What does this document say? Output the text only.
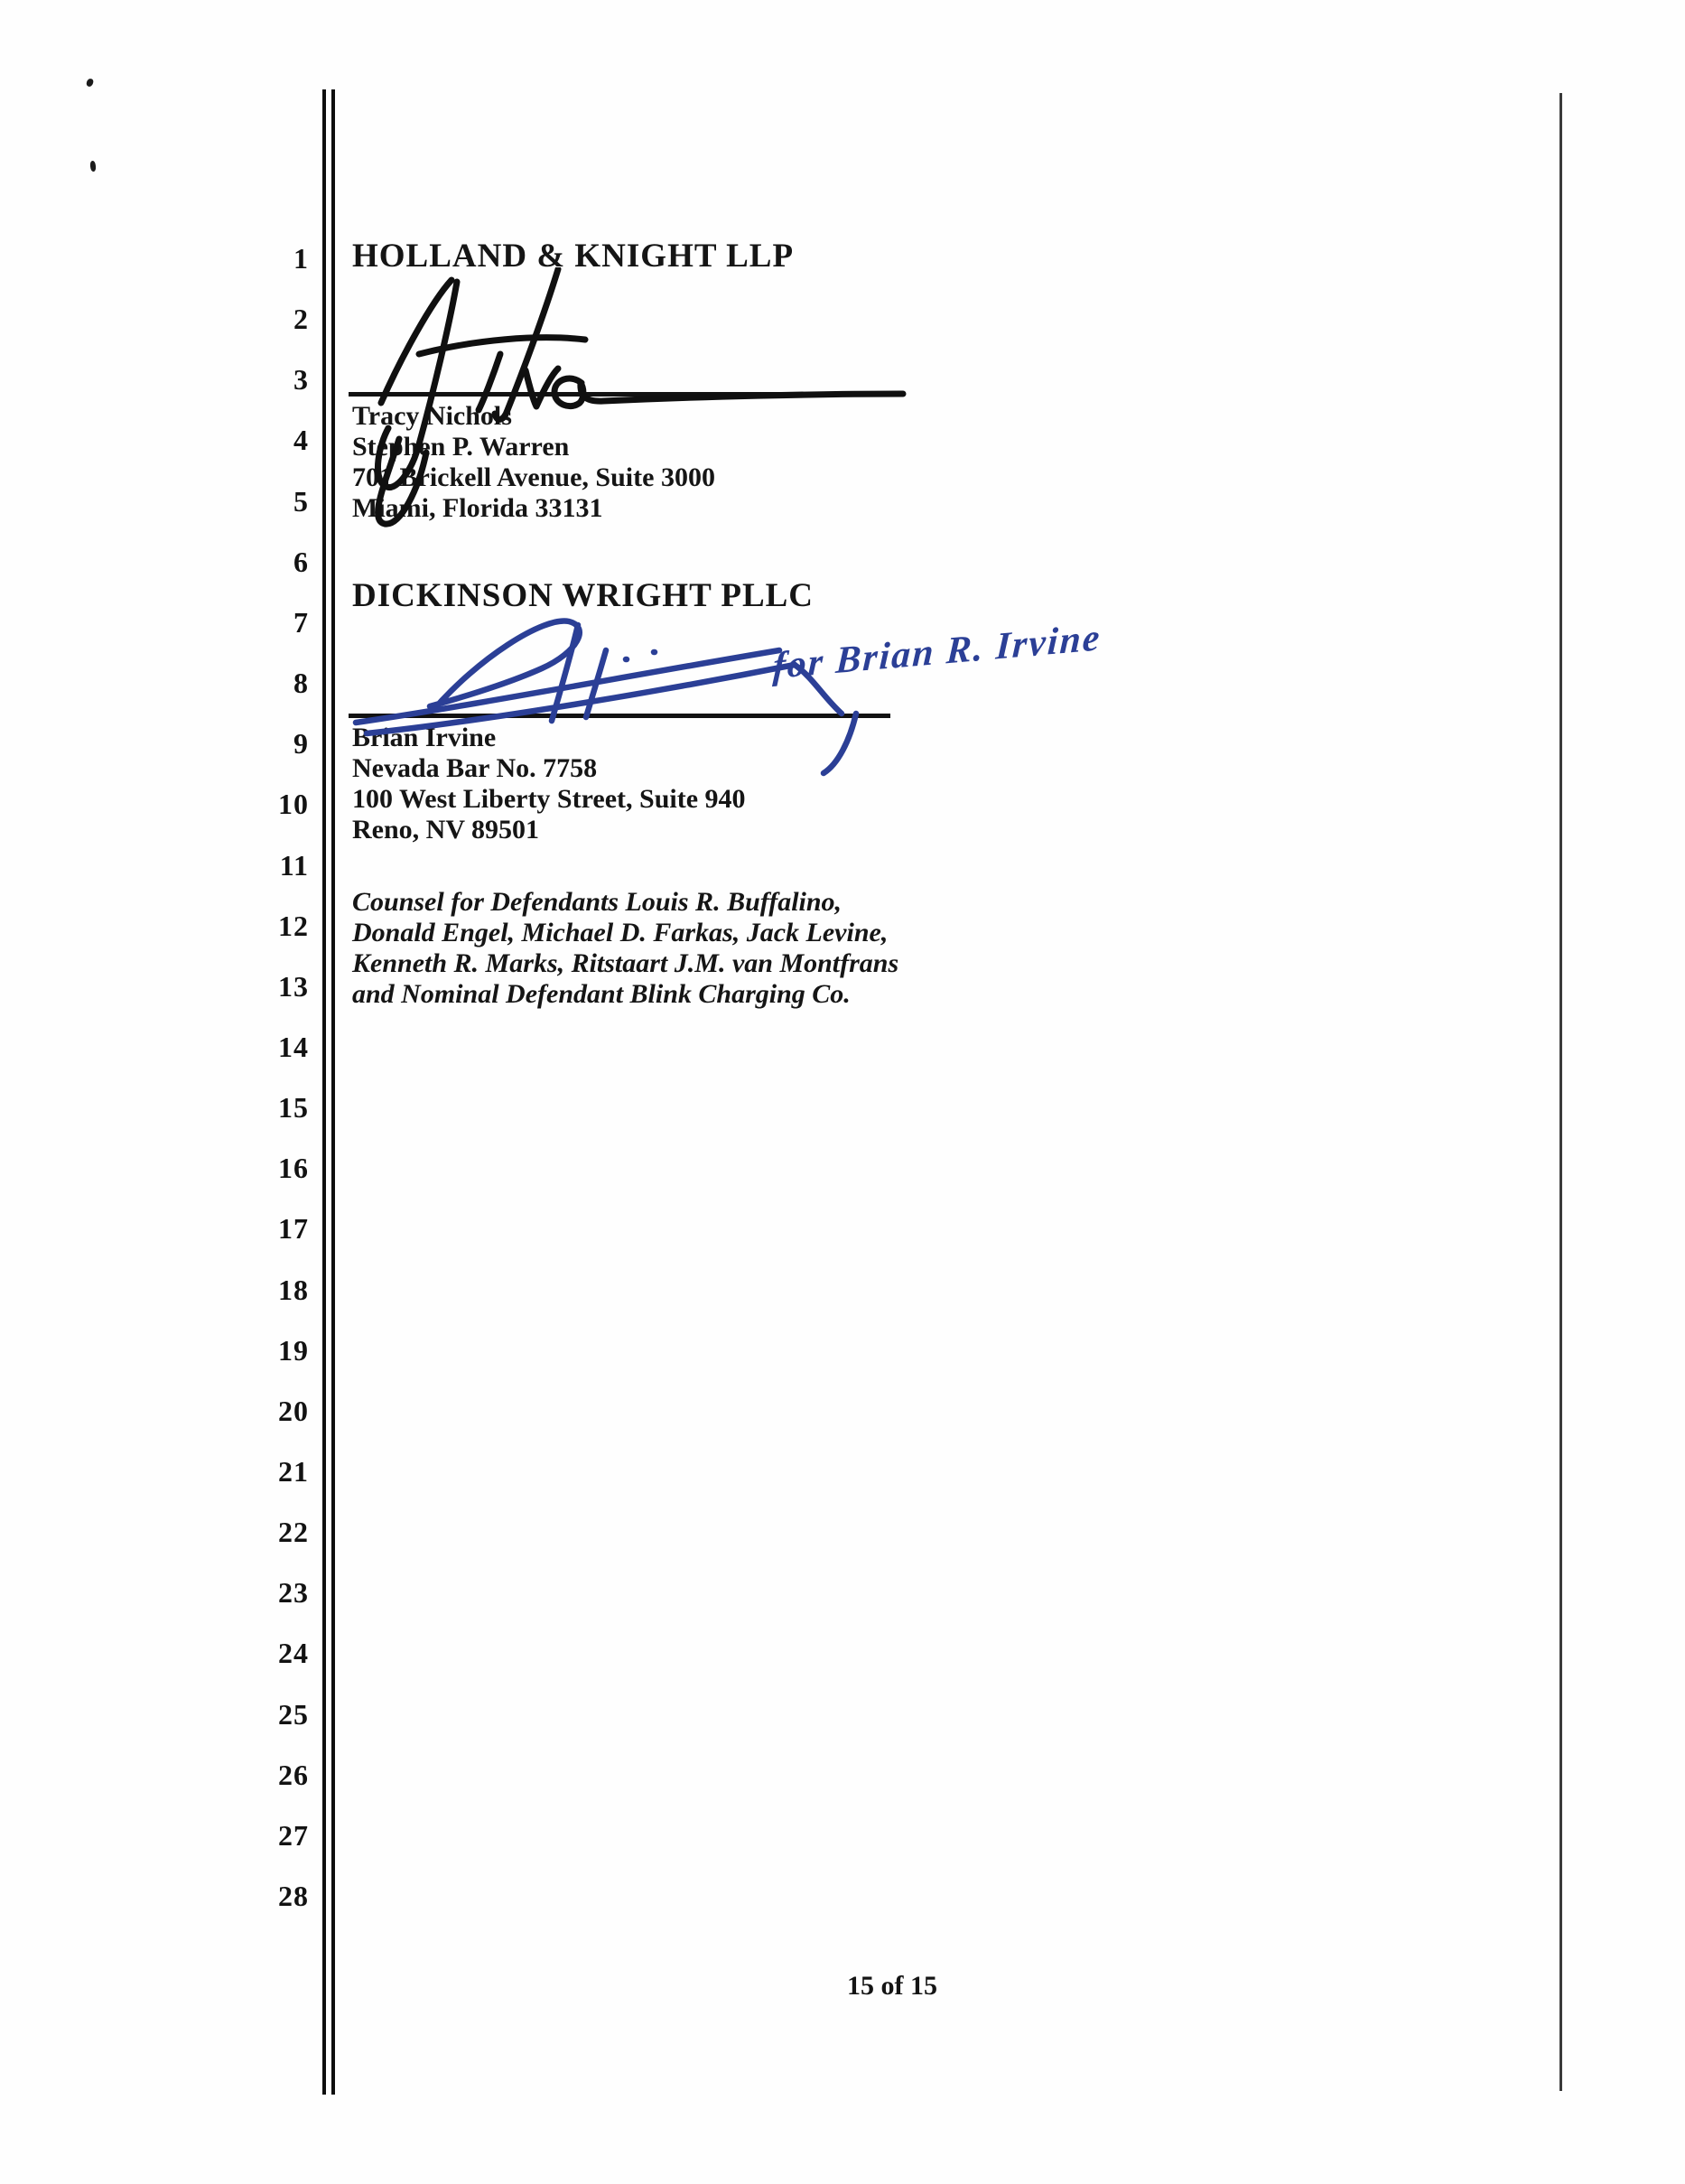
1
2
3
4
5
6
7
8
9
10
11
12
13
14
15
16
17
18
19
20
21
22
23
24
25
26
27
28
HOLLAND & KNIGHT LLP
Tracy Nichols
Stephen P. Warren
701 Brickell Avenue, Suite 3000
Miami, Florida 33131
DICKINSON WRIGHT PLLC
for Brian R. Irvine
Brian Irvine
Nevada Bar No. 7758
100 West Liberty Street, Suite 940
Reno, NV 89501
Counsel for Defendants Louis R. Buffalino,
Donald Engel, Michael D. Farkas, Jack Levine,
Kenneth R. Marks, Ritstaart J.M. van Montfrans
and Nominal Defendant Blink Charging Co.
15 of 15
